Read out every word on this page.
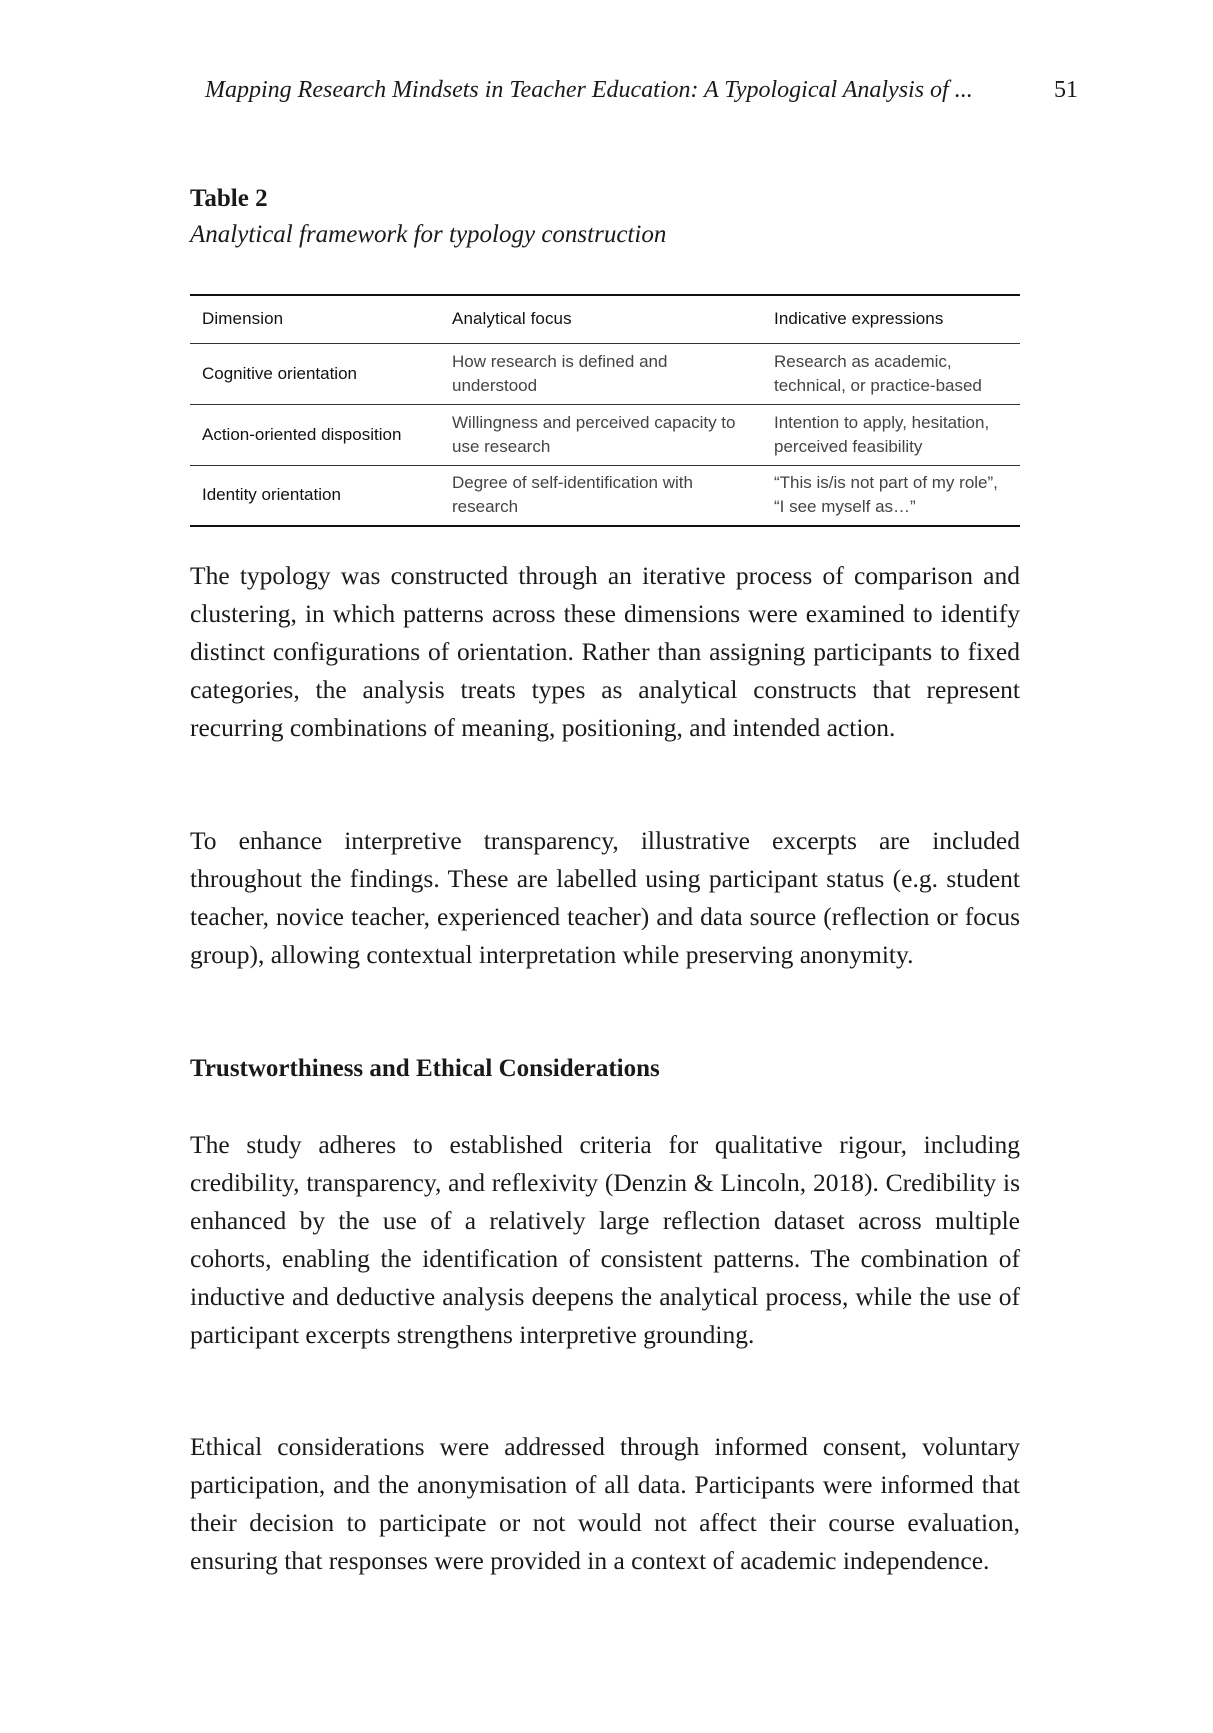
Mapping Research Mindsets in Teacher Education: A Typological Analysis of ...	51

Table 2

Analytical framework for typology construction

Dimension	Analytical focus	Indicative expressions
Cognitive orientation	How research is defined and understood	Research as academic, technical, or practice-based
Action-oriented disposition	Willingness and perceived capacity to use research	Intention to apply, hesitation, perceived feasibility
Identity orientation	Degree of self-identification with research	“This is/is not part of my role”, “I see myself as…”

The typology was constructed through an iterative process of comparison and clustering, in which patterns across these dimensions were examined to identify distinct configurations of orientation. Rather than assigning participants to fixed categories, the analysis treats types as analytical constructs that represent recurring combinations of meaning, positioning, and intended action.

To enhance interpretive transparency, illustrative excerpts are included throughout the findings. These are labelled using participant status (e.g. student teacher, novice teacher, experienced teacher) and data source (reflection or focus group), allowing contextual interpretation while preserving anonymity.

Trustworthiness and Ethical Considerations

The study adheres to established criteria for qualitative rigour, including credibility, transparency, and reflexivity (Denzin & Lincoln, 2018). Credibility is enhanced by the use of a relatively large reflection dataset across multiple cohorts, enabling the identification of consistent patterns. The combination of inductive and deductive analysis deepens the analytical process, while the use of participant excerpts strengthens interpretive grounding.

Ethical considerations were addressed through informed consent, voluntary participation, and the anonymisation of all data. Participants were informed that their decision to participate or not would not affect their course evaluation, ensuring that responses were provided in a context of academic independence.
